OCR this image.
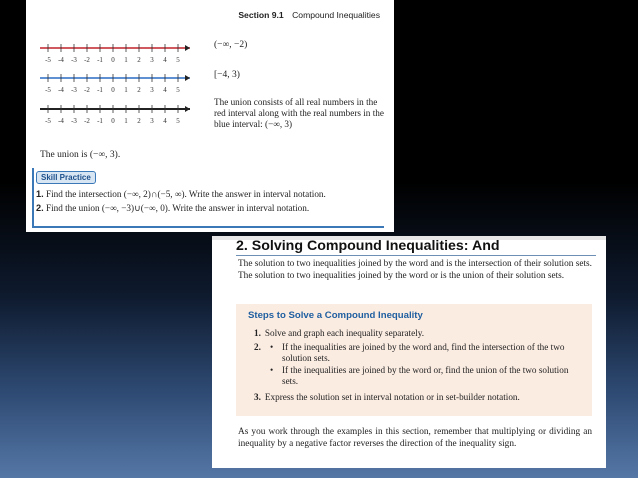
Section 9.1 Compound Inequalities
-5 -4 -3 -2 -1 0 1 2 3 4 5
(−∞, −2)
-5 -4 -3 -2 -1 0 1 2 3 4 5
[−4, 3)
-5 -4 -3 -2 -1 0 1 2 3 4 5
The union consists of all real numbers in the red interval along with the real numbers in the blue interval: (−∞, 3)
The union is (−∞, 3).
Skill Practice
1. Find the intersection (−∞, 2)∩(−5, ∞). Write the answer in interval notation.
2. Find the union (−∞, −3)∪(−∞, 0). Write the answer in interval notation.
2. Solving Compound Inequalities: And
The solution to two inequalities joined by the word and is the intersection of their solution sets. The solution to two inequalities joined by the word or is the union of their solution sets.
Steps to Solve a Compound Inequality
1. Solve and graph each inequality separately.
2. • If the inequalities are joined by the word and, find the intersection of the two solution sets.
• If the inequalities are joined by the word or, find the union of the two solution sets.
3. Express the solution set in interval notation or in set-builder notation.
As you work through the examples in this section, remember that multiplying or dividing an inequality by a negative factor reverses the direction of the inequality sign.
